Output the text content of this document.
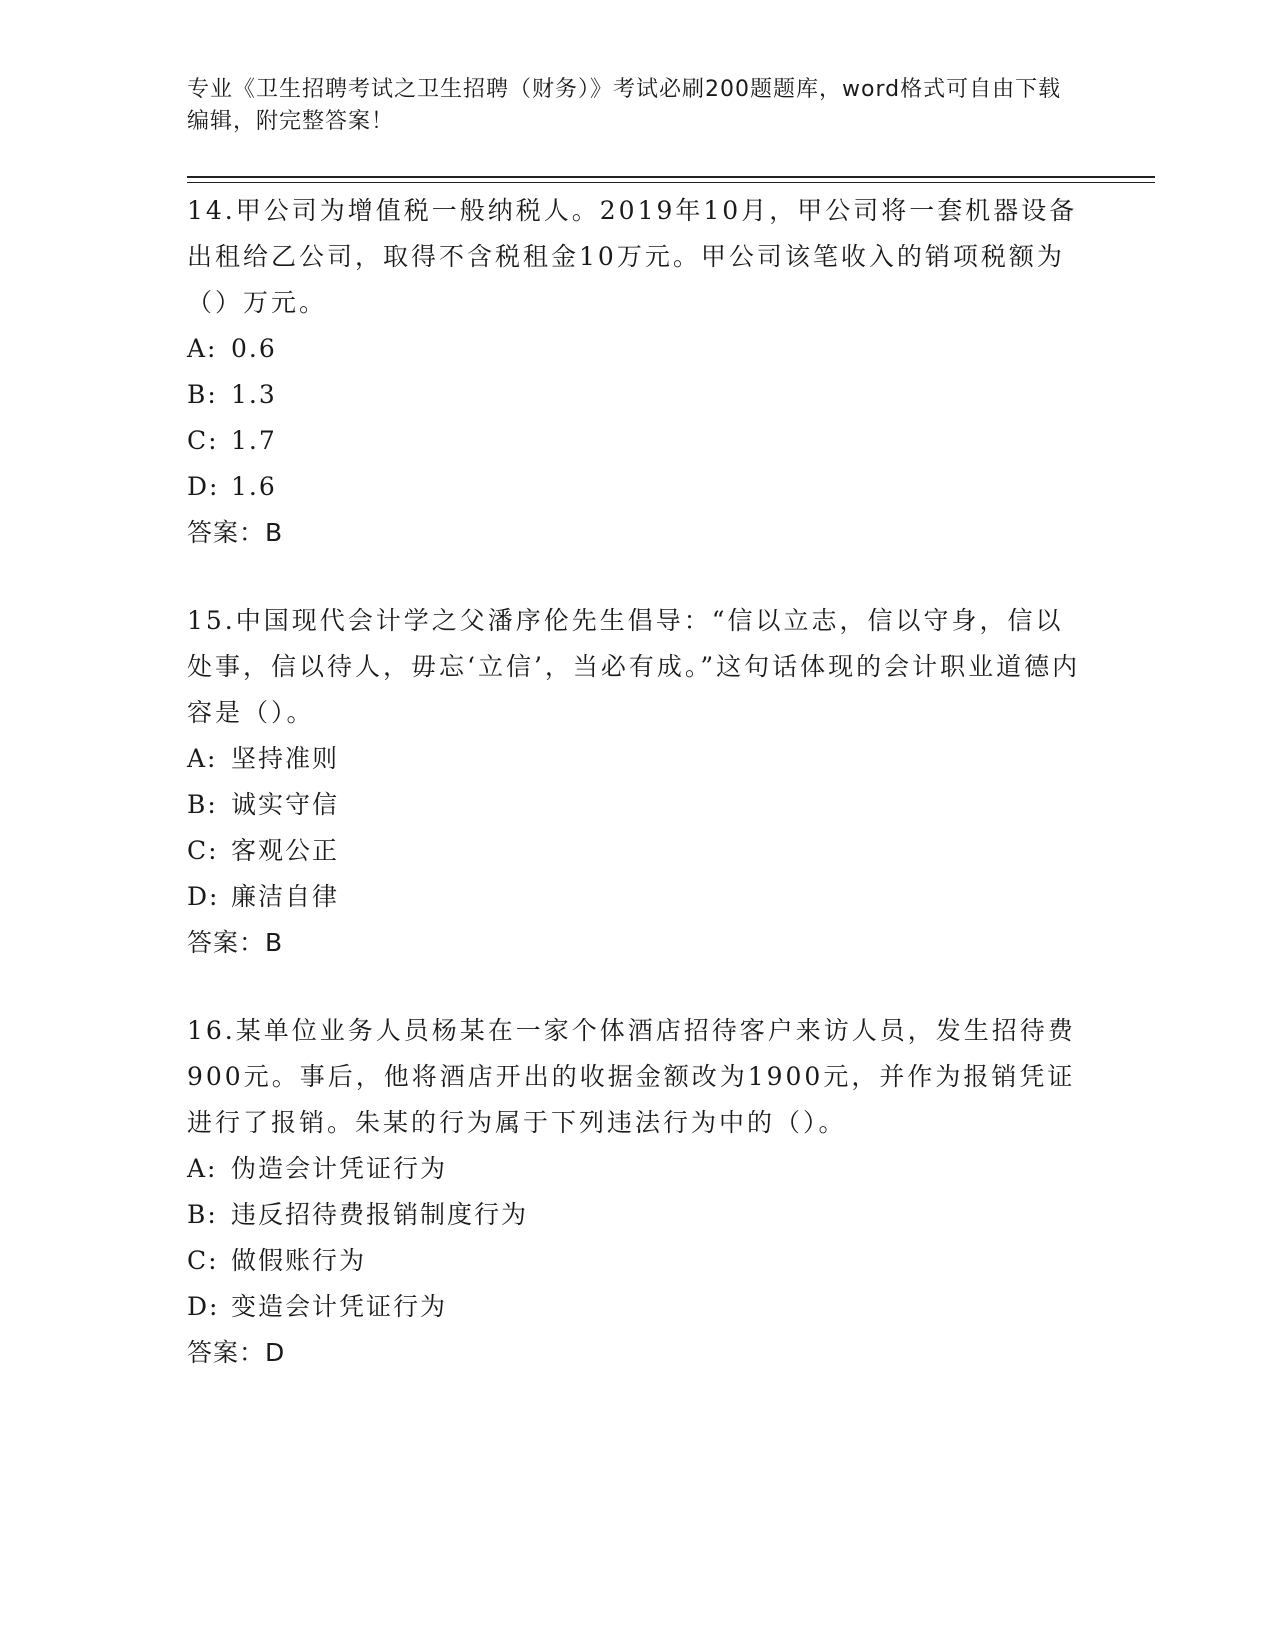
专业《卫生招聘考试之卫生招聘（财务）》考试必刷200题题库，word格式可自由下载编辑，附完整答案！

14.甲公司为增值税一般纳税人。2019年10月，甲公司将一套机器设备出租给乙公司，取得不含税租金10万元。甲公司该笔收入的销项税额为（）万元。

A: 0.6
B: 1.3
C: 1.7
D: 1.6
答案：B

15.中国现代会计学之父潘序伦先生倡导：“信以立志，信以守身，信以处事，信以待人，毋忘‘立信’，当必有成。”这句话体现的会计职业道德内容是（）。

A: 坚持准则
B: 诚实守信
C: 客观公正
D: 廉洁自律
答案：B

16.某单位业务人员杨某在一家个体酒店招待客户来访人员，发生招待费900元。事后，他将酒店开出的收据金额改为1900元，并作为报销凭证进行了报销。朱某的行为属于下列违法行为中的（）。

A: 伪造会计凭证行为
B: 违反招待费报销制度行为
C: 做假账行为
D: 变造会计凭证行为
答案：D
